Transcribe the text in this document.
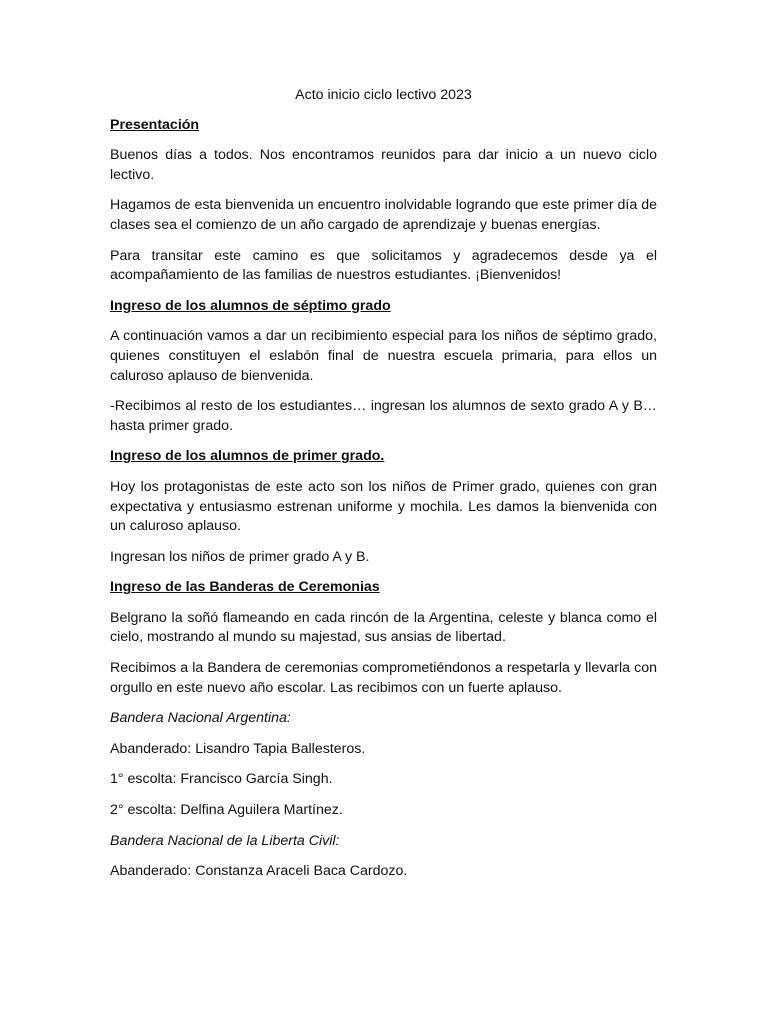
Acto inicio ciclo lectivo 2023
Presentación
Buenos días a todos. Nos encontramos reunidos para dar inicio a un nuevo ciclo lectivo.
Hagamos de esta bienvenida un encuentro inolvidable logrando que este primer día de clases sea el comienzo de un año cargado de aprendizaje y buenas energías.
Para transitar este camino es que solicitamos y agradecemos desde ya el acompañamiento de las familias de nuestros estudiantes. ¡Bienvenidos!
Ingreso de los alumnos de séptimo grado
A continuación vamos a dar un recibimiento especial para los niños de séptimo grado, quienes constituyen el eslabón final de nuestra escuela primaria, para ellos un caluroso aplauso de bienvenida.
-Recibimos al resto de los estudiantes… ingresan los alumnos de sexto grado A y B… hasta primer grado.
Ingreso de los alumnos de primer grado.
Hoy los protagonistas de este acto son los niños de Primer grado, quienes con gran expectativa y entusiasmo estrenan uniforme y mochila. Les damos la bienvenida con un caluroso aplauso.
Ingresan los niños de primer grado A y B.
Ingreso de las Banderas de Ceremonias
Belgrano la soñó flameando en cada rincón de la Argentina, celeste y blanca como el cielo, mostrando al mundo su majestad, sus ansias de libertad.
Recibimos a la Bandera de ceremonias comprometiéndonos a respetarla y llevarla con orgullo en este nuevo año escolar. Las recibimos con un fuerte aplauso.
Bandera Nacional Argentina:
Abanderado: Lisandro Tapia Ballesteros.
1° escolta: Francisco García Singh.
2° escolta: Delfina Aguilera Martínez.
Bandera Nacional de la Liberta Civil:
Abanderado: Constanza Araceli Baca Cardozo.
